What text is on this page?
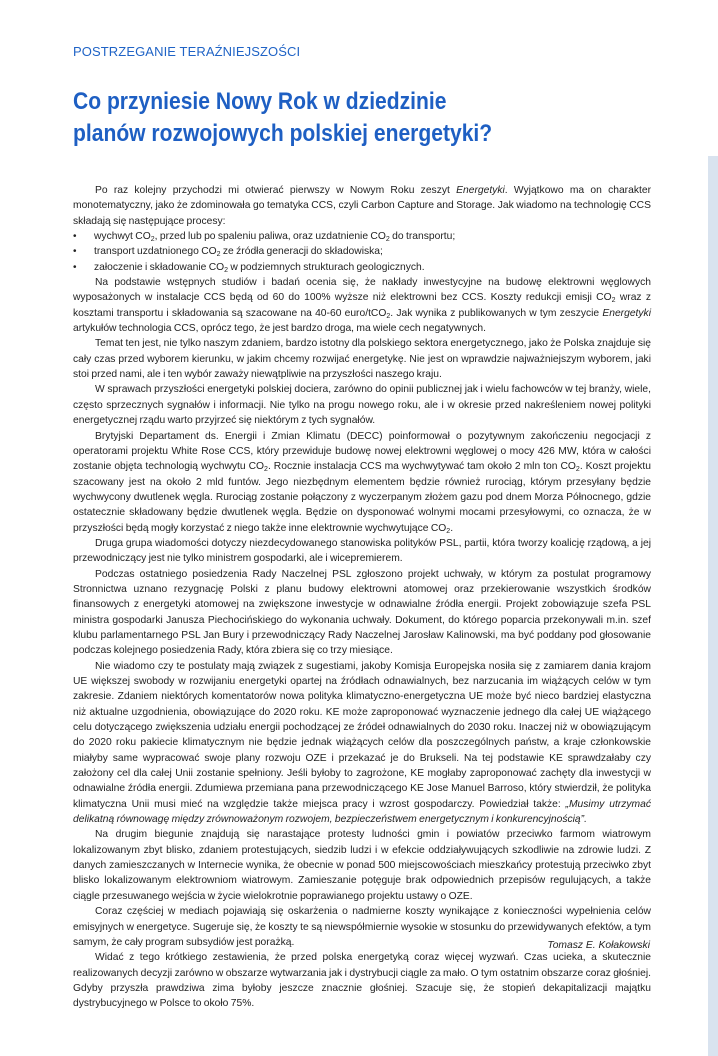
POSTRZEGANIE TERAŹNIEJSZOŚCI
Co przyniesie Nowy Rok w dziedzinie
planów rozwojowych polskiej energetyki?

Po raz kolejny przychodzi mi otwierać pierwszy w Nowym Roku zeszyt Energetyki. Wyjątkowo ma on charakter monotematyczny, jako że zdominowała go tematyka CCS, czyli Carbon Capture and Storage. Jak wiadomo na technologię CCS składają się następujące procesy:

• wychwyt $CO_2$, przed lub po spaleniu paliwa, oraz uzdatnienie $CO_2$ do transportu;
• transport uzdatnionego $CO_2$ ze źródła generacji do składowiska;
• załoczenie i składowanie $CO_2$ w podziemnych strukturach geologicznych.

Na podstawie wstępnych studiów i badań ocenia się, że nakłady inwestycyjne na budowę elektrowni węglowych wyposażonych w instalacje CCS będą od 60 do 100% wyższe niż elektrowni bez CCS. Koszty redukcji emisji $CO_2$ wraz z kosztami transportu i składowania są szacowane na 40-60 euro/tCO$_2$. Jak wynika z publikowanych w tym zeszycie Energetyki artykułów technologia CCS, oprócz tego, że jest bardzo droga, ma wiele cech negatywnych.

Temat ten jest, nie tylko naszym zdaniem, bardzo istotny dla polskiego sektora energetycznego, jako że Polska znajduje się cały czas przed wyborem kierunku, w jakim chcemy rozwijać energetykę. Nie jest on wprawdzie najważniejszym wyborem, jaki stoi przed nami, ale i ten wybór zaważy niewątpliwie na przyszłości naszego kraju.

W sprawach przyszłości energetyki polskiej dociera, zarówno do opinii publicznej jak i wielu fachowców w tej branży, wiele, często sprzecznych sygnałów i informacji. Nie tylko na progu nowego roku, ale i w okresie przed nakreśleniem nowej polityki energetycznej rządu warto przyjrzeć się niektórym z tych sygnałów.

Brytyjski Departament ds. Energii i Zmian Klimatu (DECC) poinformował o pozytywnym zakończeniu negocjacji z operatorami projektu White Rose CCS, który przewiduje budowę nowej elektrowni węglowej o mocy 426 MW, która w całości zostanie objęta technologią wychwytu $CO_2$. Rocznie instalacja CCS ma wychwytywać tam około 2 mln ton $CO_2$. Koszt projektu szacowany jest na około 2 mld funtów. Jego niezbędnym elementem będzie również rurociąg, którym przesyłany będzie wychwycony dwutlenek węgla. Rurociąg zostanie połączony z wyczerpanym złożem gazu pod dnem Morza Północnego, gdzie ostatecznie składowany będzie dwutlenek węgla. Będzie on dysponować wolnymi mocami przesyłowymi, co oznacza, że w przyszłości będą mogły korzystać z niego także inne elektrownie wychwytujące $CO_2$.

Druga grupa wiadomości dotyczy niezdecydowanego stanowiska polityków PSL, partii, która tworzy koalicję rządową, a jej przewodniczący jest nie tylko ministrem gospodarki, ale i wicepremierem.

Podczas ostatniego posiedzenia Rady Naczelnej PSL zgłoszono projekt uchwały, w którym za postulat programowy Stronnictwa uznano rezygnację Polski z planu budowy elektrowni atomowej oraz przekierowanie wszystkich środków finansowych z energetyki atomowej na zwiększone inwestycje w odnawialne źródła energii. Projekt zobowiązuje szefa PSL ministra gospodarki Janusza Piechocińskiego do wykonania uchwały. Dokument, do którego poparcia przekonywali m.in. szef klubu parlamentarnego PSL Jan Bury i przewodniczący Rady Naczelnej Jarosław Kalinowski, ma być poddany pod głosowanie podczas kolejnego posiedzenia Rady, która zbiera się co trzy miesiące.

Nie wiadomo czy te postulaty mają związek z sugestiami, jakoby Komisja Europejska nosiła się z zamiarem dania krajom UE większej swobody w rozwijaniu energetyki opartej na źródłach odnawialnych, bez narzucania im wiążących celów w tym zakresie. Zdaniem niektórych komentatorów nowa polityka klimatyczno-energetyczna UE może być nieco bardziej elastyczna niż aktualne uzgodnienia, obowiązujące do 2020 roku. KE może zaproponować wyznaczenie jednego dla całej UE wiążącego celu dotyczącego zwiększenia udziału energii pochodzącej ze źródeł odnawialnych do 2030 roku. Inaczej niż w obowiązującym do 2020 roku pakiecie klimatycznym nie będzie jednak wiążących celów dla poszczególnych państw, a kraje członkowskie miałyby same wypracować swoje plany rozwoju OZE i przekazać je do Brukseli. Na tej podstawie KE sprawdzałaby czy założony cel dla całej Unii zostanie spełniony. Jeśli byłoby to zagrożone, KE mogłaby zaproponować zachęty dla inwestycji w odnawialne źródła energii. Zdumiewa przemiana pana przewodniczącego KE Jose Manuel Barroso, który stwierdził, że polityka klimatyczna Unii musi mieć na względzie także miejsca pracy i wzrost gospodarczy. Powiedział także: „Musimy utrzymać delikatną równowagę między zrównoważonym rozwojem, bezpieczeństwem energetycznym i konkurencyjnością”.

Na drugim biegunie znajdują się narastające protesty ludności gmin i powiatów przeciwko farmom wiatrowym lokalizowanym zbyt blisko, zdaniem protestujących, siedzib ludzi i w efekcie oddziaływujących szkodliwie na zdrowie ludzi. Z danych zamieszczanych w Internecie wynika, że obecnie w ponad 500 miejscowościach mieszkańcy protestują przeciwko zbyt blisko lokalizowanym elektrowniom wiatrowym. Zamieszanie potęguje brak odpowiednich przepisów regulujących, a także ciągle przesuwanego wejścia w życie wielokrotnie poprawianego projektu ustawy o OZE.

Coraz częściej w mediach pojawiają się oskarżenia o nadmierne koszty wynikające z konieczności wypełnienia celów emisyjnych w energetyce. Sugeruje się, że koszty te są niewspółmiernie wysokie w stosunku do przewidywanych efektów, a tym samym, że cały program subsydiów jest porażką.

Widać z tego krótkiego zestawienia, że przed polska energetyką coraz więcej wyzwań. Czas ucieka, a skutecznie realizowanych decyzji zarówno w obszarze wytwarzania jak i dystrybucji ciągle za mało. O tym ostatnim obszarze coraz głośniej. Gdyby przyszła prawdziwa zima byłoby jeszcze znacznie głośniej. Szacuje się, że stopień dekapitalizacji majątku dystrybucyjnego w Polsce to około 75%.

Tomasz E. Kołakowski
